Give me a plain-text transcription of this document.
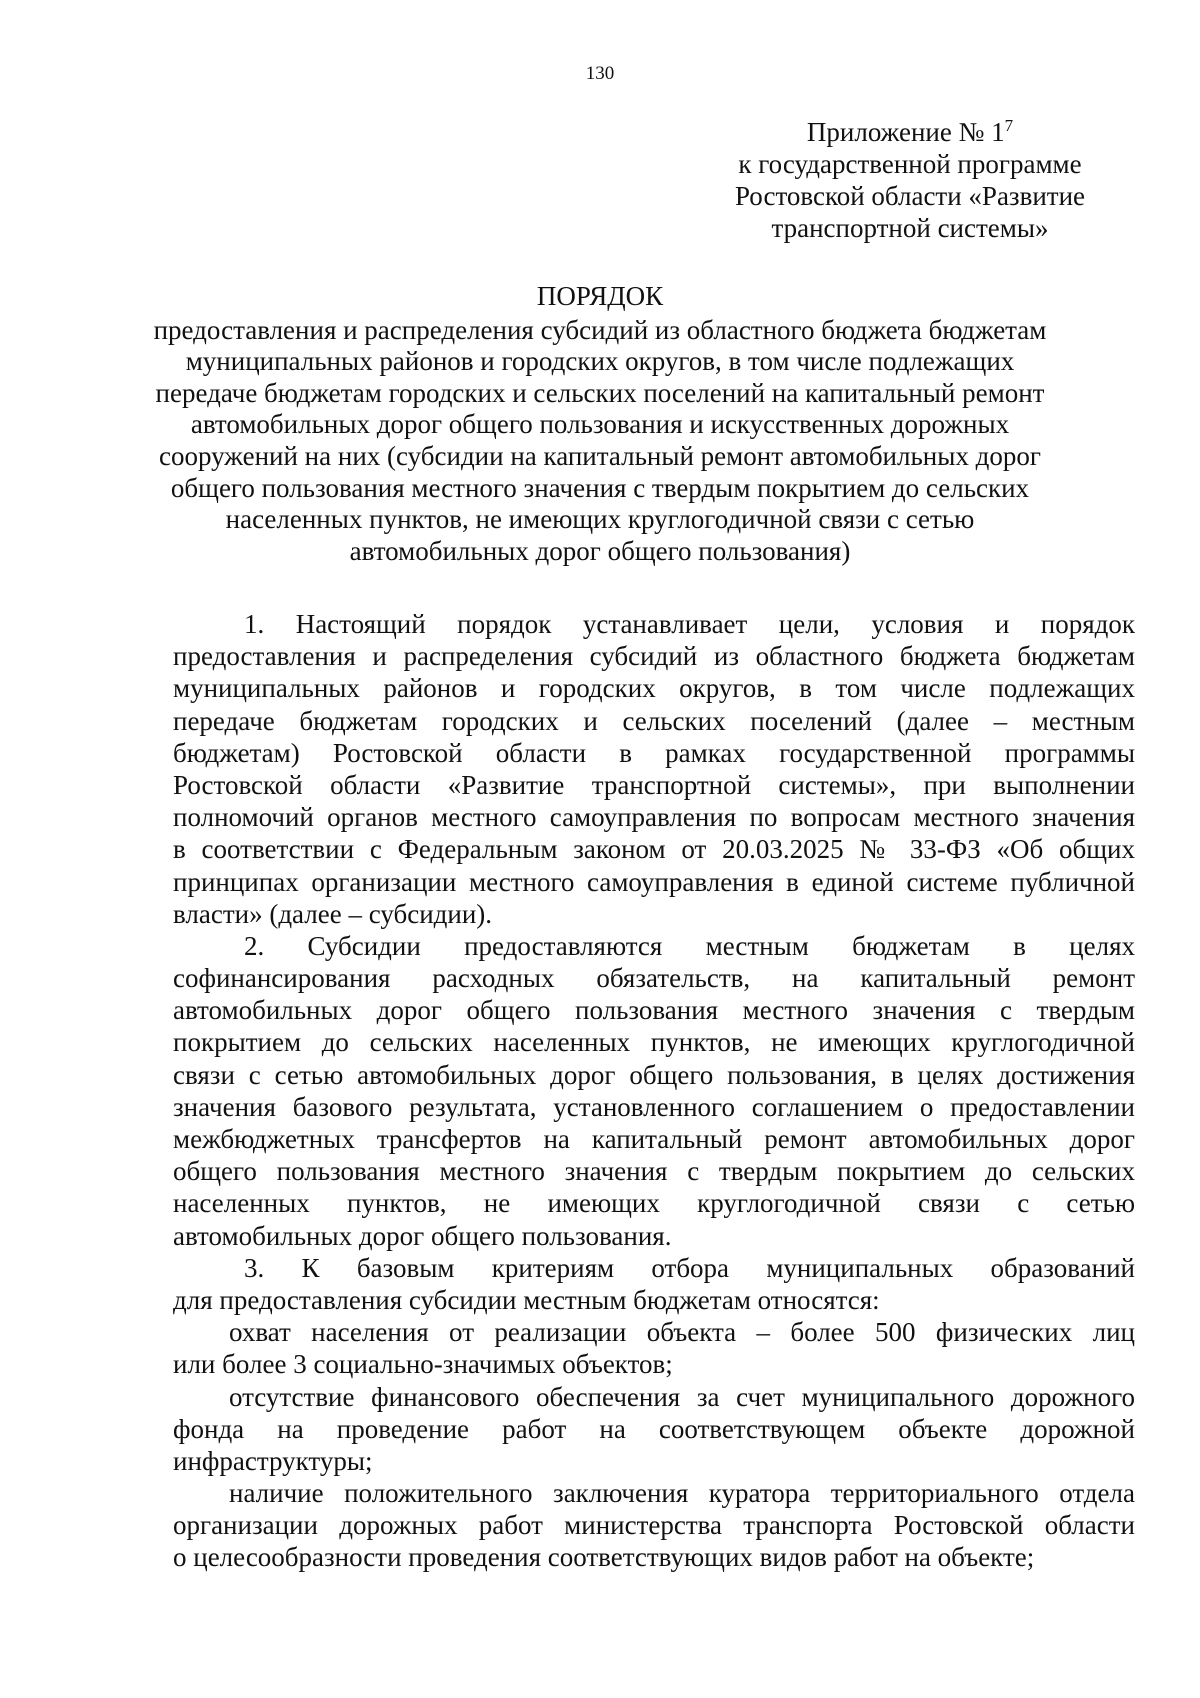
130
Приложение № $1^7$
к государственной программе
Ростовской области «Развитие
транспортной системы»
ПОРЯДОК
предоставления и распределения субсидий из областного бюджета бюджетам
муниципальных районов и городских округов, в том числе подлежащих
передаче бюджетам городских и сельских поселений на капитальный ремонт
автомобильных дорог общего пользования и искусственных дорожных
сооружений на них (субсидии на капитальный ремонт автомобильных дорог
общего пользования местного значения с твердым покрытием до сельских
населенных пунктов, не имеющих круглогодичной связи с сетью
автомобильных дорог общего пользования)
1. Настоящий порядок устанавливает цели, условия и порядок
предоставления и распределения субсидий из областного бюджета бюджетам
муниципальных районов и городских округов, в том числе подлежащих
передаче бюджетам городских и сельских поселений (далее – местным
бюджетам) Ростовской области в рамках государственной программы
Ростовской области «Развитие транспортной системы», при выполнении
полномочий органов местного самоуправления по вопросам местного значения
в соответствии с Федеральным законом от 20.03.2025 № 33-ФЗ «Об общих
принципах организации местного самоуправления в единой системе публичной
власти» (далее – субсидии).
2. Субсидии предоставляются местным бюджетам в целях
софинансирования расходных обязательств, на капитальный ремонт
автомобильных дорог общего пользования местного значения с твердым
покрытием до сельских населенных пунктов, не имеющих круглогодичной
связи с сетью автомобильных дорог общего пользования, в целях достижения
значения базового результата, установленного соглашением о предоставлении
межбюджетных трансфертов на капитальный ремонт автомобильных дорог
общего пользования местного значения с твердым покрытием до сельских
населенных пунктов, не имеющих круглогодичной связи с сетью
автомобильных дорог общего пользования.
3. К базовым критериям отбора муниципальных образований
для предоставления субсидии местным бюджетам относятся:
охват населения от реализации объекта – более 500 физических лиц
или более 3 социально-значимых объектов;
отсутствие финансового обеспечения за счет муниципального дорожного
фонда на проведение работ на соответствующем объекте дорожной
инфраструктуры;
наличие положительного заключения куратора территориального отдела
организации дорожных работ министерства транспорта Ростовской области
о целесообразности проведения соответствующих видов работ на объекте;
